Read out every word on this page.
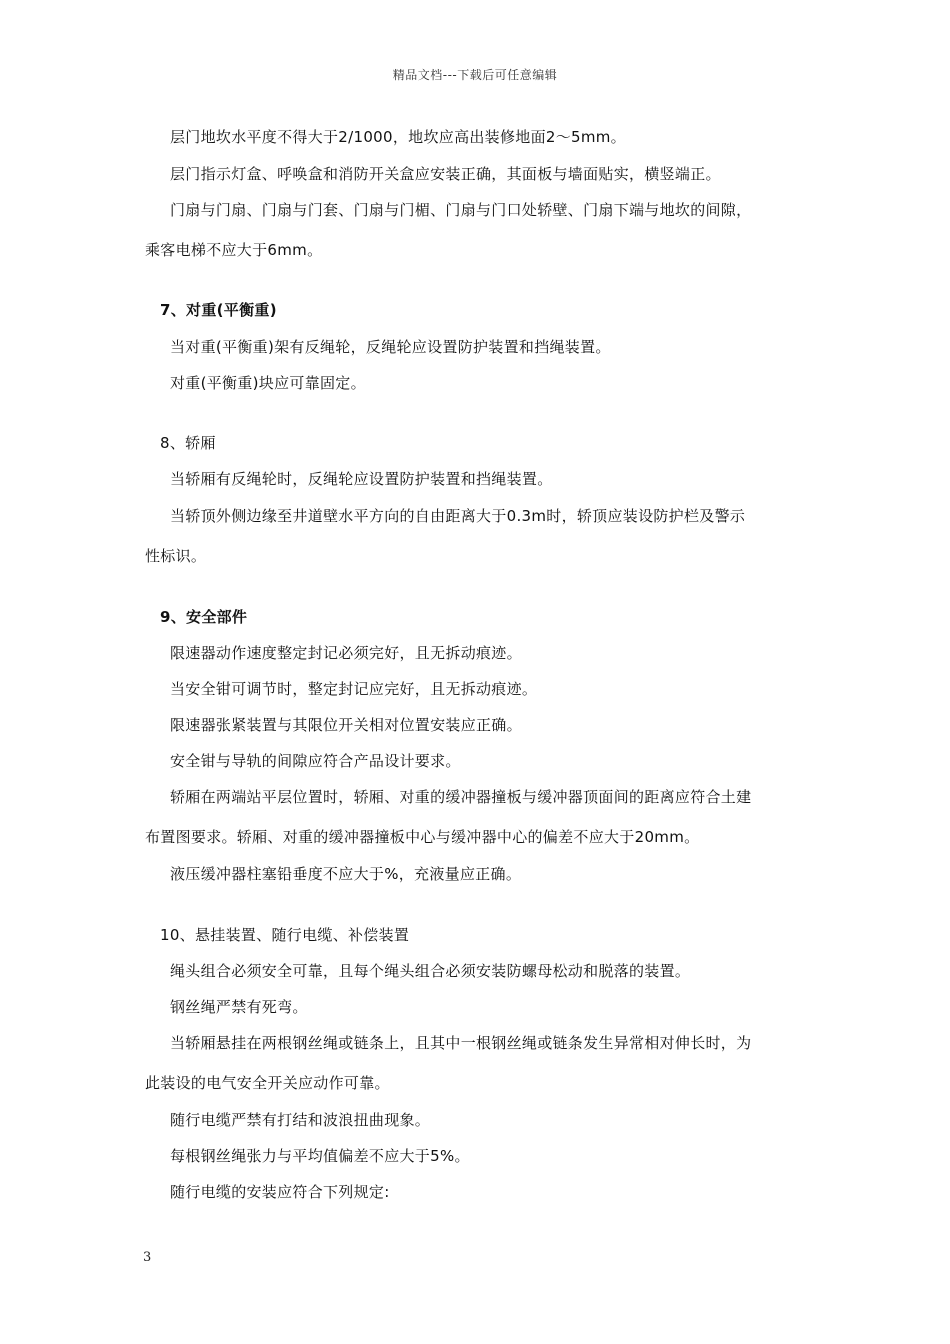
精品文档---下载后可任意编辑
层门地坎水平度不得大于2/1000，地坎应高出装修地面2～5mm。
层门指示灯盒、呼唤盒和消防开关盒应安装正确，其面板与墙面贴实，横竖端正。
门扇与门扇、门扇与门套、门扇与门楣、门扇与门口处轿壁、门扇下端与地坎的间隙，
乘客电梯不应大于6mm。
7、对重(平衡重)
当对重(平衡重)架有反绳轮，反绳轮应设置防护装置和挡绳装置。
对重(平衡重)块应可靠固定。
8、轿厢
当轿厢有反绳轮时，反绳轮应设置防护装置和挡绳装置。
当轿顶外侧边缘至井道壁水平方向的自由距离大于0.3m时，轿顶应装设防护栏及警示
性标识。
9、安全部件
限速器动作速度整定封记必须完好，且无拆动痕迹。
当安全钳可调节时，整定封记应完好，且无拆动痕迹。
限速器张紧装置与其限位开关相对位置安装应正确。
安全钳与导轨的间隙应符合产品设计要求。
轿厢在两端站平层位置时，轿厢、对重的缓冲器撞板与缓冲器顶面间的距离应符合土建
布置图要求。轿厢、对重的缓冲器撞板中心与缓冲器中心的偏差不应大于20mm。
液压缓冲器柱塞铅垂度不应大于%，充液量应正确。
10、悬挂装置、随行电缆、补偿装置
绳头组合必须安全可靠，且每个绳头组合必须安装防螺母松动和脱落的装置。
钢丝绳严禁有死弯。
当轿厢悬挂在两根钢丝绳或链条上，且其中一根钢丝绳或链条发生异常相对伸长时，为
此装设的电气安全开关应动作可靠。
随行电缆严禁有打结和波浪扭曲现象。
每根钢丝绳张力与平均值偏差不应大于5%。
随行电缆的安装应符合下列规定:
3
